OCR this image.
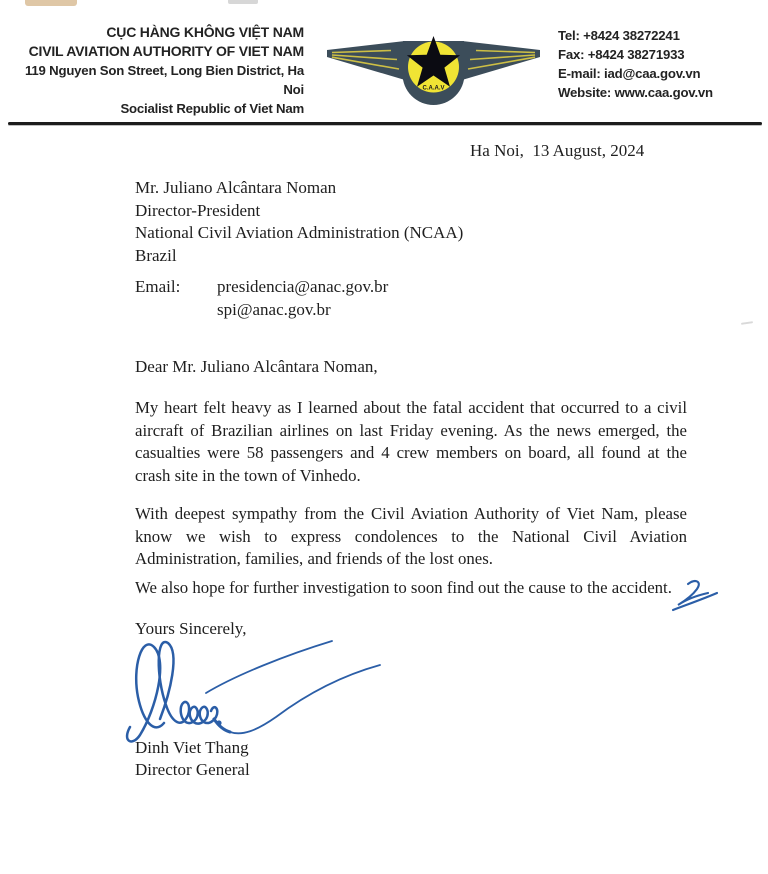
CỤC HÀNG KHÔNG VIỆT NAM
CIVIL AVIATION AUTHORITY OF VIET NAM
119 Nguyen Son Street, Long Bien District, Ha Noi
Socialist Republic of Viet Nam
C.A.A.V
Tel: +8424 38272241
Fax: +8424 38271933
E-mail: iad@caa.gov.vn
Website: www.caa.gov.vn
Ha Noi,  13 August, 2024
Mr. Juliano Alcântara Noman
Director-President
National Civil Aviation Administration (NCAA)
Brazil
Email:	presidencia@anac.gov.br
spi@anac.gov.br
Dear Mr. Juliano Alcântara Noman,
My heart felt heavy as I learned about the fatal accident that occurred to a civil aircraft of Brazilian airlines on last Friday evening. As the news emerged, the casualties were 58 passengers and 4 crew members on board, all found at the crash site in the town of Vinhedo.
With deepest sympathy from the Civil Aviation Authority of Viet Nam, please know we wish to express condolences to the National Civil Aviation Administration, families, and friends of the lost ones.
We also hope for further investigation to soon find out the cause to the accident.
Yours Sincerely,
Dinh Viet Thang
Director General
